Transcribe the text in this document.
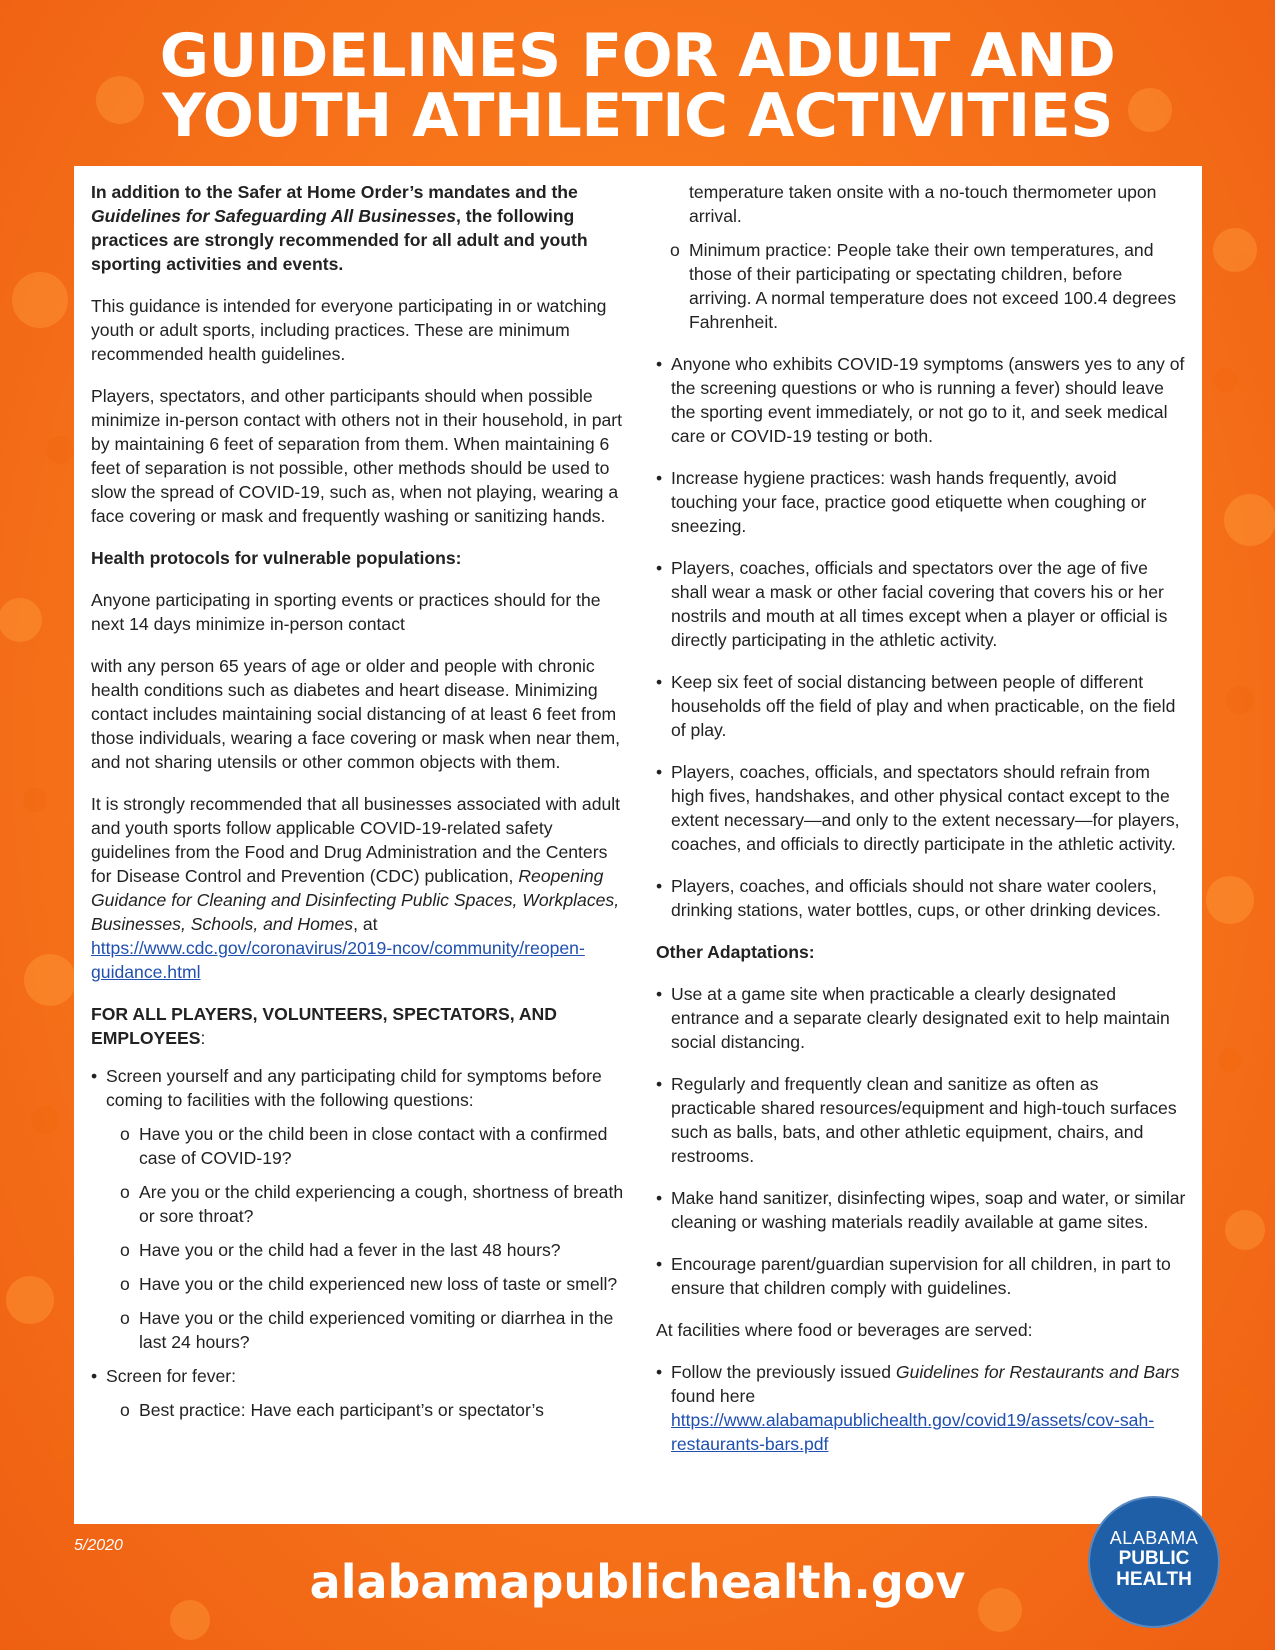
GUIDELINES FOR ADULT AND
YOUTH ATHLETIC ACTIVITIES

In addition to the Safer at Home Order’s mandates and the Guidelines for Safeguarding All Businesses, the following practices are strongly recommended for all adult and youth sporting activities and events.

This guidance is intended for everyone participating in or watching youth or adult sports, including practices. These are minimum recommended health guidelines.

Players, spectators, and other participants should when possible minimize in-person contact with others not in their household, in part by maintaining 6 feet of separation from them. When maintaining 6 feet of separation is not possible, other methods should be used to slow the spread of COVID-19, such as, when not playing, wearing a face covering or mask and frequently washing or sanitizing hands.

Health protocols for vulnerable populations:

Anyone participating in sporting events or practices should for the next 14 days minimize in-person contact

with any person 65 years of age or older and people with chronic health conditions such as diabetes and heart disease. Minimizing contact includes maintaining social distancing of at least 6 feet from those individuals, wearing a face covering or mask when near them, and not sharing utensils or other common objects with them.

It is strongly recommended that all businesses associated with adult and youth sports follow applicable COVID-19-related safety guidelines from the Food and Drug Administration and the Centers for Disease Control and Prevention (CDC) publication, Reopening Guidance for Cleaning and Disinfecting Public Spaces, Workplaces, Businesses, Schools, and Homes, at https://www.cdc.gov/coronavirus/2019-ncov/community/reopen-guidance.html

FOR ALL PLAYERS, VOLUNTEERS, SPECTATORS, AND EMPLOYEES:

• Screen yourself and any participating child for symptoms before coming to facilities with the following questions:
o Have you or the child been in close contact with a confirmed case of COVID-19?
o Are you or the child experiencing a cough, shortness of breath or sore throat?
o Have you or the child had a fever in the last 48 hours?
o Have you or the child experienced new loss of taste or smell?
o Have you or the child experienced vomiting or diarrhea in the last 24 hours?
• Screen for fever:
o Best practice: Have each participant’s or spectator’s
temperature taken onsite with a no-touch thermometer upon arrival.
o Minimum practice: People take their own temperatures, and those of their participating or spectating children, before arriving. A normal temperature does not exceed 100.4 degrees Fahrenheit.
• Anyone who exhibits COVID-19 symptoms (answers yes to any of the screening questions or who is running a fever) should leave the sporting event immediately, or not go to it, and seek medical care or COVID-19 testing or both.
• Increase hygiene practices: wash hands frequently, avoid touching your face, practice good etiquette when coughing or sneezing.
• Players, coaches, officials and spectators over the age of five shall wear a mask or other facial covering that covers his or her nostrils and mouth at all times except when a player or official is directly participating in the athletic activity.
• Keep six feet of social distancing between people of different households off the field of play and when practicable, on the field of play.
• Players, coaches, officials, and spectators should refrain from high fives, handshakes, and other physical contact except to the extent necessary—and only to the extent necessary—for players, coaches, and officials to directly participate in the athletic activity.
• Players, coaches, and officials should not share water coolers, drinking stations, water bottles, cups, or other drinking devices.

Other Adaptations:

• Use at a game site when practicable a clearly designated entrance and a separate clearly designated exit to help maintain social distancing.
• Regularly and frequently clean and sanitize as often as practicable shared resources/equipment and high-touch surfaces such as balls, bats, and other athletic equipment, chairs, and restrooms.
• Make hand sanitizer, disinfecting wipes, soap and water, or similar cleaning or washing materials readily available at game sites.
• Encourage parent/guardian supervision for all children, in part to ensure that children comply with guidelines.

At facilities where food or beverages are served:

• Follow the previously issued Guidelines for Restaurants and Bars found here https://www.alabamapublichealth.gov/covid19/assets/cov-sah-restaurants-bars.pdf
5/2020
alabamapublichealth.gov
ALABAMA
PUBLIC
HEALTH
